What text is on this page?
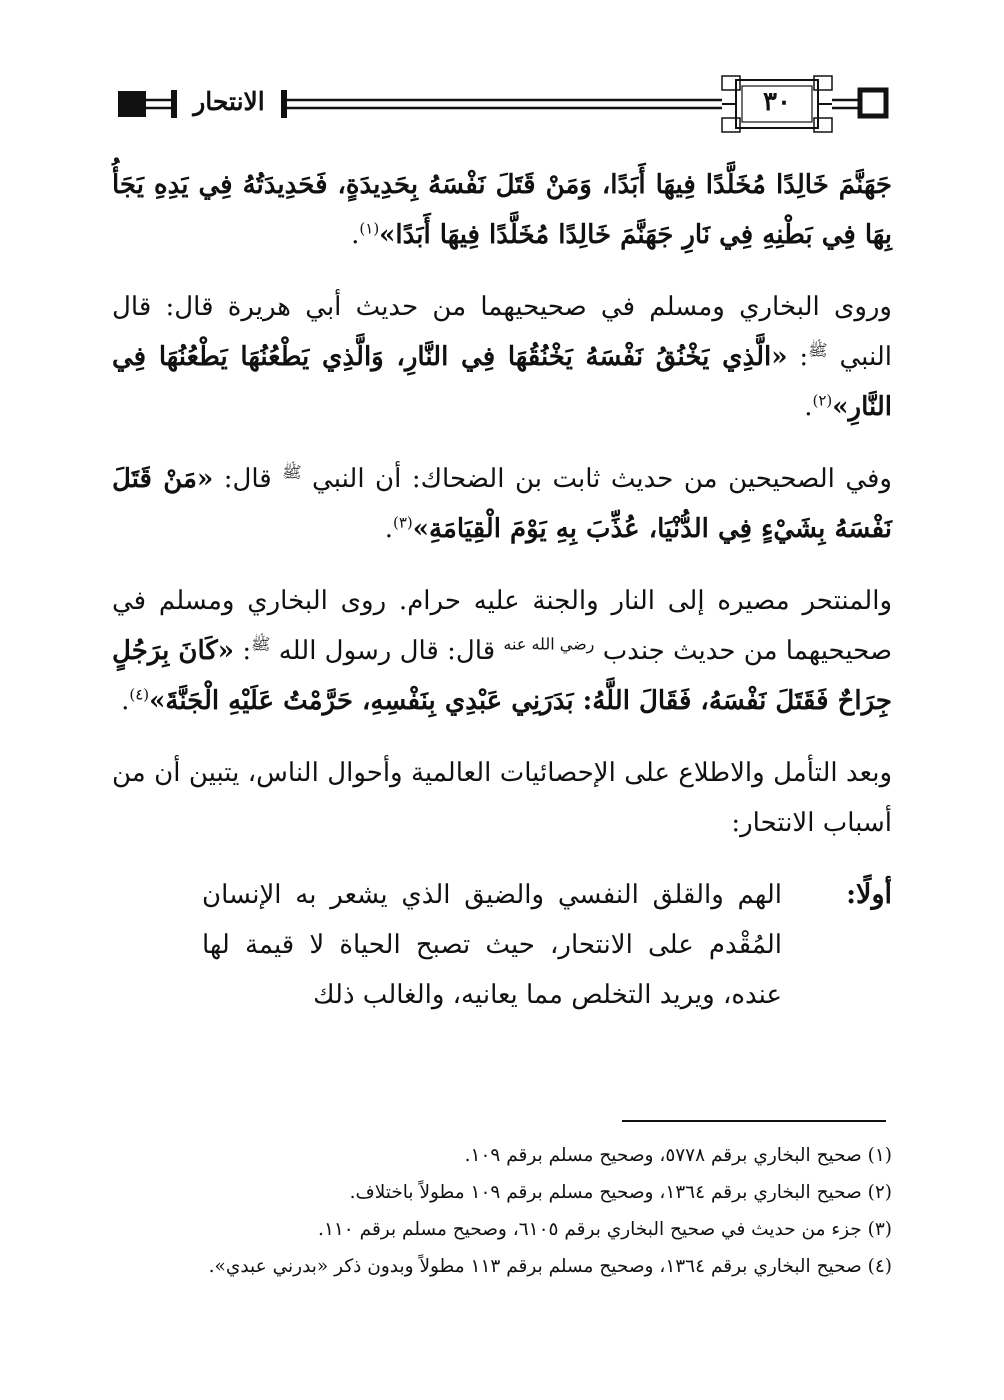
الانتحار	٣٠

جَهَنَّمَ خَالِدًا مُخَلَّدًا فِيهَا أَبَدًا، وَمَنْ قَتَلَ نَفْسَهُ بِحَدِيدَةٍ، فَحَدِيدَتُهُ فِي يَدِهِ يَجَأُ بِهَا فِي بَطْنِهِ فِي نَارِ جَهَنَّمَ خَالِدًا مُخَلَّدًا فِيهَا أَبَدًا»$^{(١)}$.

وروى البخاري ومسلم في صحيحيهما من حديث أبي هريرة قال: قال النبي $^ﷺ$: «الَّذِي يَخْنُقُ نَفْسَهُ يَخْنُقُهَا فِي النَّارِ، وَالَّذِي يَطْعُنُهَا يَطْعُنُهَا فِي النَّارِ»$^{(٢)}$.

وفي الصحيحين من حديث ثابت بن الضحاك: أن النبي $^ﷺ$ قال: «مَنْ قَتَلَ نَفْسَهُ بِشَيْءٍ فِي الدُّنْيَا، عُذِّبَ بِهِ يَوْمَ الْقِيَامَةِ»$^{(٣)}$.

والمنتحر مصيره إلى النار والجنة عليه حرام. روى البخاري ومسلم في صحيحيهما من حديث جندب $^{رضي الله عنه}$ قال: قال رسول الله $^ﷺ$: «كَانَ بِرَجُلٍ جِرَاحٌ فَقَتَلَ نَفْسَهُ، فَقَالَ اللَّهُ: بَدَرَنِي عَبْدِي بِنَفْسِهِ، حَرَّمْتُ عَلَيْهِ الْجَنَّةَ»$^{(٤)}$.

وبعد التأمل والاطلاع على الإحصائيات العالمية وأحوال الناس، يتبين أن من أسباب الانتحار:

أولًا:
الهم والقلق النفسي والضيق الذي يشعر به الإنسان المُقْدم على الانتحار، حيث تصبح الحياة لا قيمة لها عنده، ويريد التخلص مما يعانيه، والغالب ذلك

(١) صحيح البخاري برقم ٥٧٧٨، وصحيح مسلم برقم ١٠٩.

(٢) صحيح البخاري برقم ١٣٦٤، وصحيح مسلم برقم ١٠٩ مطولاً باختلاف.

(٣) جزء من حديث في صحيح البخاري برقم ٦١٠٥، وصحيح مسلم برقم ١١٠.

(٤) صحيح البخاري برقم ١٣٦٤، وصحيح مسلم برقم ١١٣ مطولاً وبدون ذكر «بدرني عبدي».
